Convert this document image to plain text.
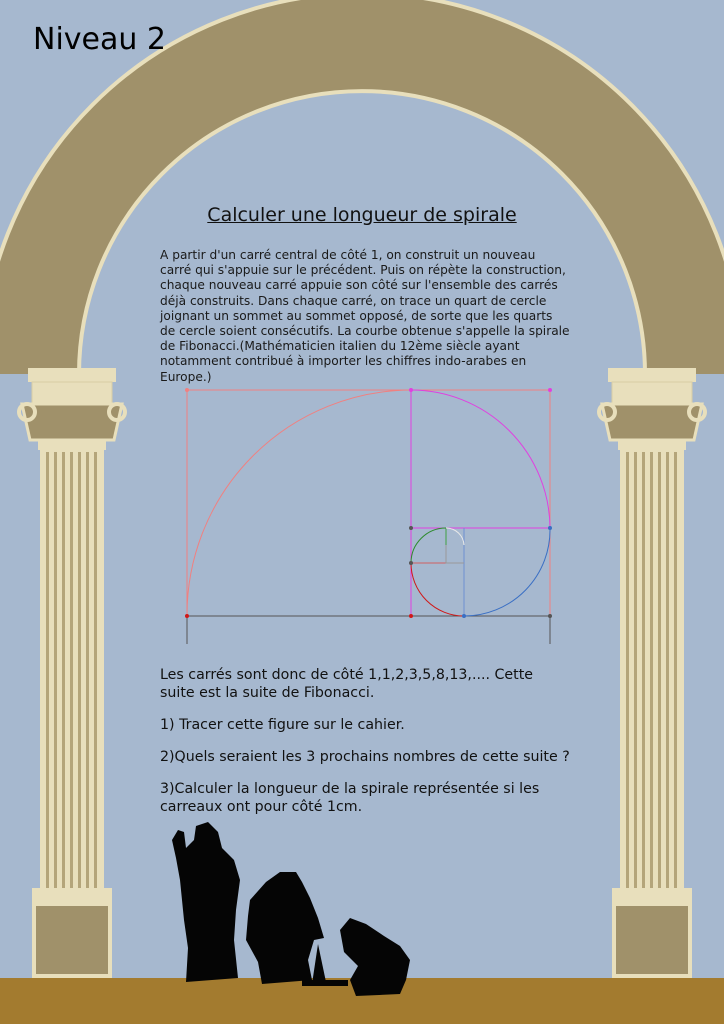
Niveau 2
Calculer une longueur de spirale
A partir d'un carré central de côté 1, on construit un nouveau carré qui s'appuie sur le précédent. Puis on répète la construction, chaque nouveau carré appuie son côté sur l'ensemble des carrés déjà construits. Dans chaque carré, on trace un quart de cercle joignant un sommet au sommet opposé, de sorte que les quarts de cercle soient consécutifs. La courbe obtenue s'appelle la spirale de Fibonacci.(Mathématicien italien du 12ème siècle ayant notamment contribué à importer les chiffres indo-arabes en Europe.)

Les carrés sont donc de côté 1,1,2,3,5,8,13,.... Cette suite est la suite de Fibonacci.

1) Tracer cette figure sur le cahier.

2)Quels seraient les 3 prochains nombres de cette suite ?

3)Calculer la longueur de la spirale représentée si les carreaux ont pour côté 1cm.
